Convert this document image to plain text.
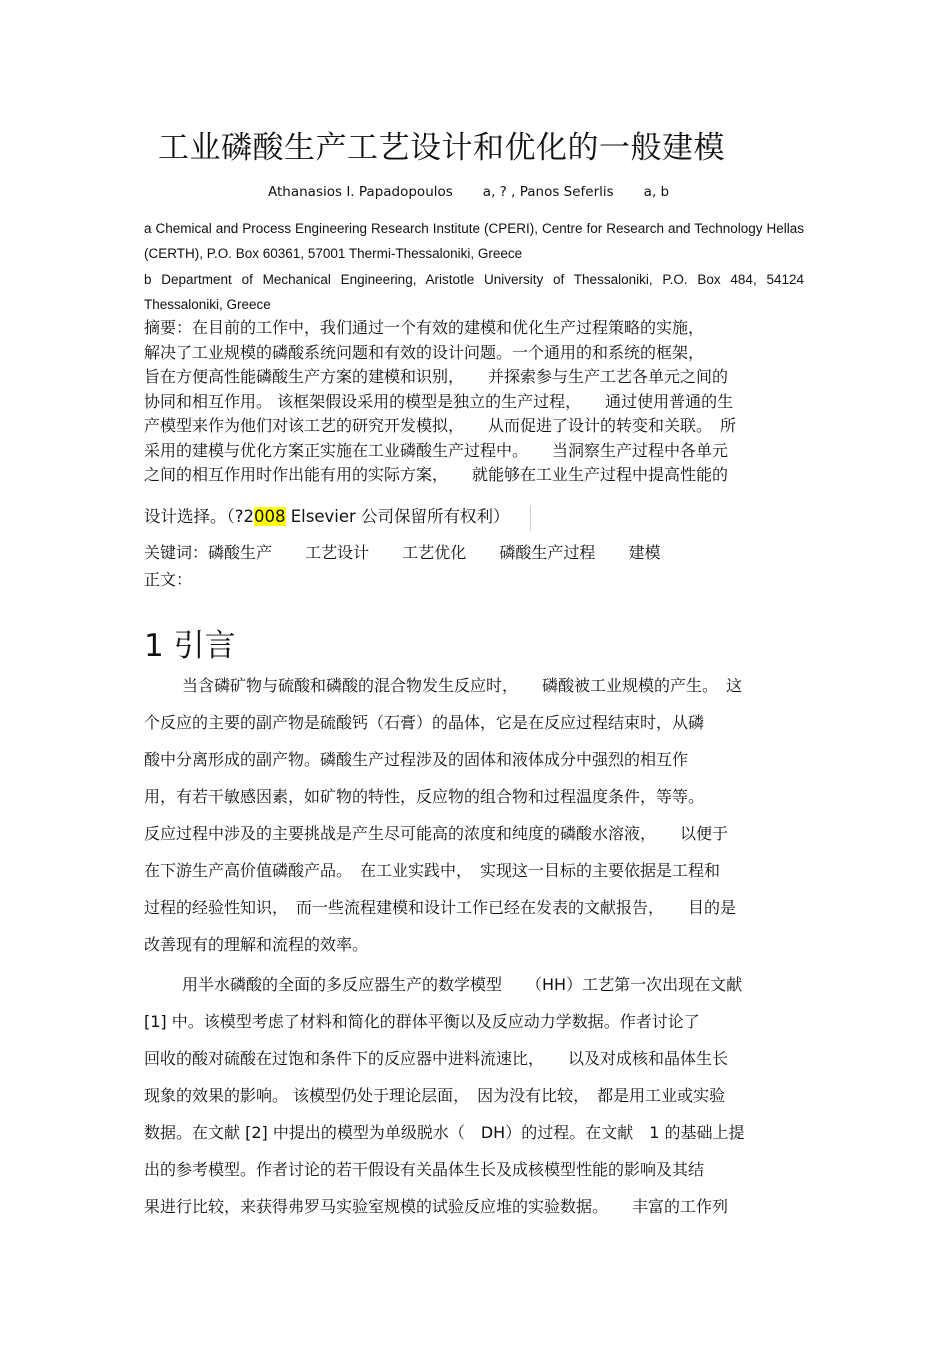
工业磷酸生产工艺设计和优化的一般建模
Athanasios I. Papadopoulos a, ? , Panos Seferlis a, b
a Chemical and Process Engineering Research Institute (CPERI), Centre for Research and Technology Hellas (CERTH), P.O. Box 60361, 57001 Thermi-Thessaloniki, Greece
b Department of Mechanical Engineering, Aristotle University of Thessaloniki, P.O. Box 484, 54124 Thessaloniki, Greece
摘要：在目前的工作中，我们通过一个有效的建模和优化生产过程策略的实施，
解决了工业规模的磷酸系统问题和有效的设计问题。一个通用的和系统的框架，
旨在方便高性能磷酸生产方案的建模和识别，　　并探索参与生产工艺各单元之间的
协同和相互作用。 该框架假设采用的模型是独立的生产过程，　　通过使用普通的生
产模型来作为他们对该工艺的研究开发模拟，　　从而促进了设计的转变和关联。　所
采用的建模与优化方案正实施在工业磷酸生产过程中。　　当洞察生产过程中各单元
之间的相互作用时作出能有用的实际方案，　　就能够在工业生产过程中提高性能的
设计选择。（?2008 Elsevier 公司保留所有权利）
关键词：磷酸生产 工艺设计 工艺优化 磷酸生产过程 建模
正文：
1 引言
当含磷矿物与硫酸和磷酸的混合物发生反应时，　　磷酸被工业规模的产生。　这
个反应的主要的副产物是硫酸钙（石膏）的晶体，它是在反应过程结束时，从磷
酸中分离形成的副产物。磷酸生产过程涉及的固体和液体成分中强烈的相互作
用，有若干敏感因素，如矿物的特性，反应物的组合物和过程温度条件，等等。
反应过程中涉及的主要挑战是产生尽可能高的浓度和纯度的磷酸水溶液，　　以便于
在下游生产高价值磷酸产品。　在工业实践中，　实现这一目标的主要依据是工程和
过程的经验性知识，　而一些流程建模和设计工作已经在发表的文献报告，　　目的是
改善现有的理解和流程的效率。
用半水磷酸的全面的多反应器生产的数学模型　　（HH）工艺第一次出现在文献
[1] 中。该模型考虑了材料和简化的群体平衡以及反应动力学数据。作者讨论了
回收的酸对硫酸在过饱和条件下的反应器中进料流速比，　　以及对成核和晶体生长
现象的效果的影响。 该模型仍处于理论层面，　因为没有比较，　都是用工业或实验
数据。在文献 [2] 中提出的模型为单级脱水（　DH）的过程。在文献　1 的基础上提
出的参考模型。作者讨论的若干假设有关晶体生长及成核模型性能的影响及其结
果进行比较，来获得弗罗马实验室规模的试验反应堆的实验数据。　　丰富的工作列
